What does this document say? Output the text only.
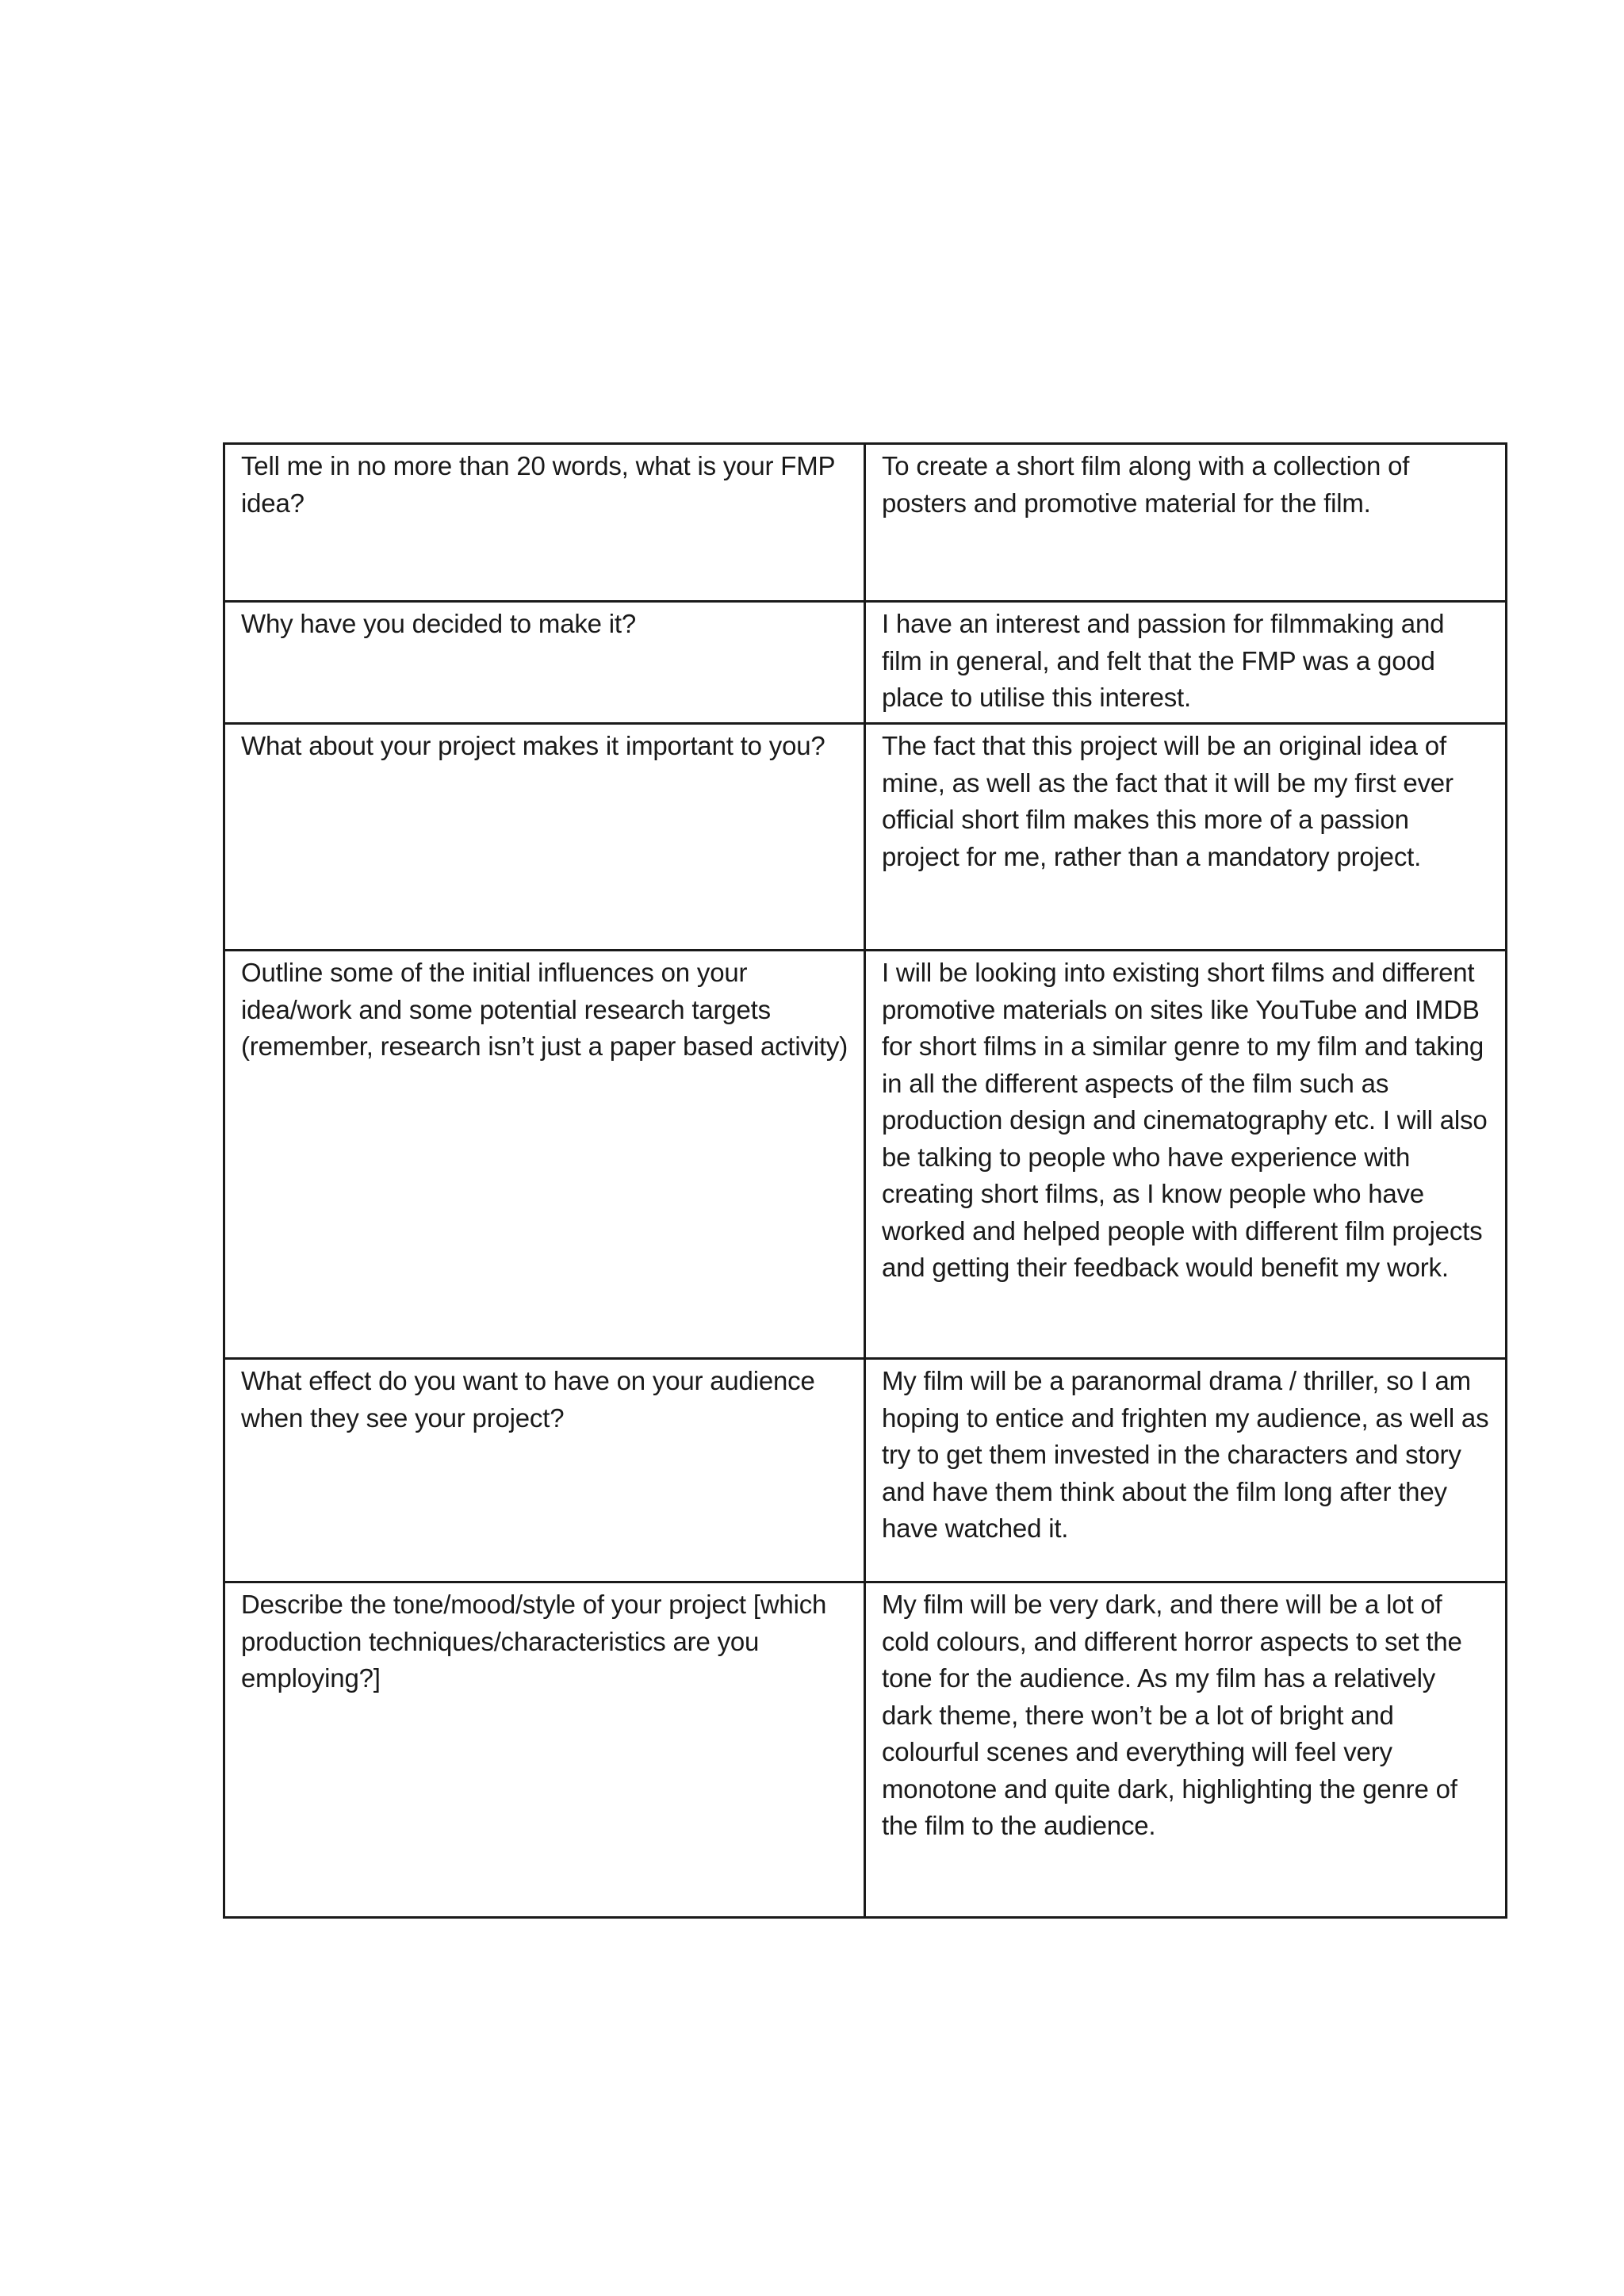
Tell me in no more than 20 words, what is your FMP idea?	To create a short film along with a collection of posters and promotive material for the film.
Why have you decided to make it?	I have an interest and passion for filmmaking and film in general, and felt that the FMP was a good place to utilise this interest.
What about your project makes it important to you?	The fact that this project will be an original idea of mine, as well as the fact that it will be my first ever official short film makes this more of a passion project for me, rather than a mandatory project.
Outline some of the initial influences on your idea/work and some potential research targets (remember, research isn’t just a paper based activity)	I will be looking into existing short films and different promotive materials on sites like YouTube and IMDB for short films in a similar genre to my film and taking in all the different aspects of the film such as production design and cinematography etc. I will also be talking to people who have experience with creating short films, as I know people who have worked and helped people with different film projects and getting their feedback would benefit my work.
What effect do you want to have on your audience when they see your project?	My film will be a paranormal drama / thriller, so I am hoping to entice and frighten my audience, as well as try to get them invested in the characters and story and have them think about the film long after they have watched it.
Describe the tone/mood/style of your project [which production techniques/characteristics are you employing?]	My film will be very dark, and there will be a lot of cold colours, and different horror aspects to set the tone for the audience. As my film has a relatively dark theme, there won’t be a lot of bright and colourful scenes and everything will feel very monotone and quite dark, highlighting the genre of the film to the audience.
